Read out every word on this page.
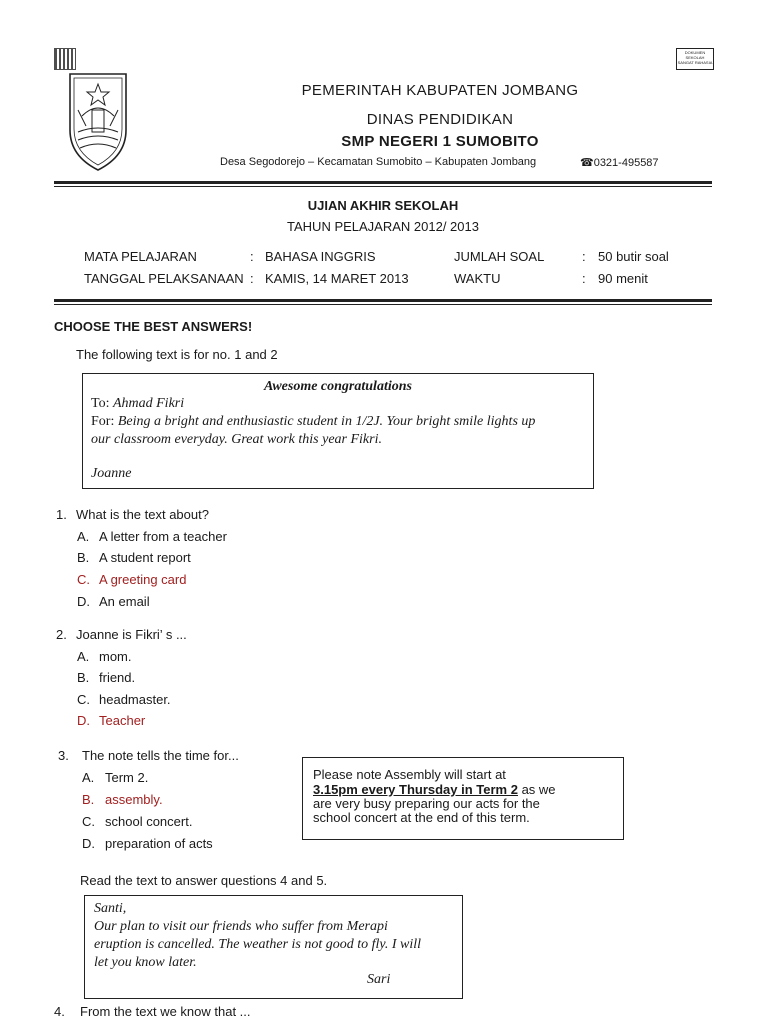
DOKUMEN SEKOLAH SANGAT RAHASIA
PEMERINTAH KABUPATEN JOMBANG
DINAS PENDIDIKAN
SMP NEGERI 1 SUMOBITO
Desa Segodorejo – Kecamatan Sumobito – Kabupaten Jombang	☎0321-495587
UJIAN AKHIR SEKOLAH
TAHUN PELAJARAN 2012/ 2013
MATA PELAJARAN	: BAHASA INGGRIS	JUMLAH SOAL	: 50 butir soal
TANGGAL PELAKSANAAN : KAMIS, 14 MARET 2013	WAKTU	: 90 menit
CHOOSE THE BEST ANSWERS!
The following text is for no. 1 and 2
Awesome congratulations
To: Ahmad Fikri
For: Being a bright and enthusiastic student in 1/2J. Your bright smile lights up
our classroom everyday. Great work this year Fikri.
Joanne
1. What is the text about?
A. A letter from a teacher
B. A student report
C. A greeting card
D. An email
2. Joanne is Fikri’ s ...
A. mom.
B. friend.
C. headmaster.
D. Teacher
3. The note tells the time for...
A. Term 2.
B. assembly.
C. school concert.
D. preparation of acts
Please note Assembly will start at
3.15pm every Thursday in Term 2 as we
are very busy preparing our acts for the
school concert at the end of this term.
Read the text to answer questions 4 and 5.
Santi,
Our plan to visit our friends who suffer from Merapi
eruption is cancelled. The weather is not good to fly. I will
let you know later.
Sari
4. From the text we know that ...
